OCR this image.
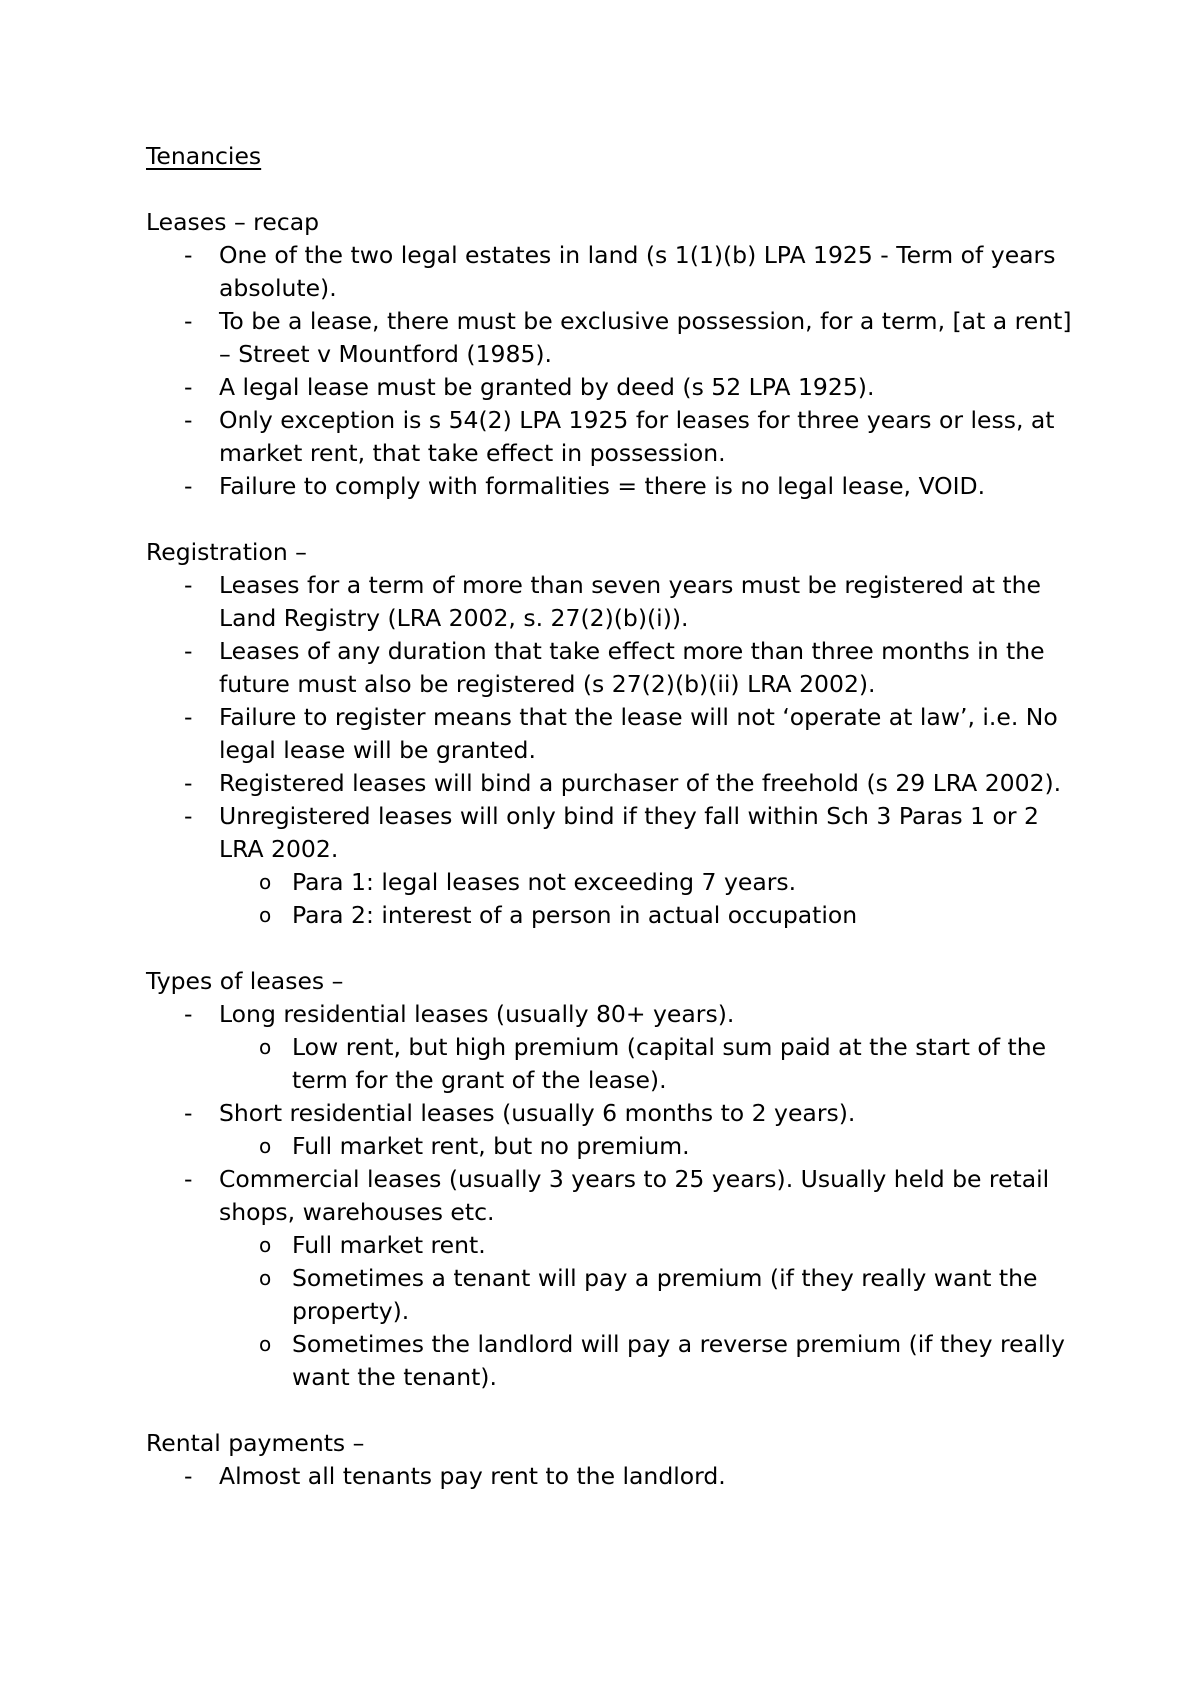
Tenancies
Leases – recap
-	One of the two legal estates in land (s 1(1)(b) LPA 1925 - Term of years absolute).
-	To be a lease, there must be exclusive possession, for a term, [at a rent] – Street v Mountford (1985).
-	A legal lease must be granted by deed (s 52 LPA 1925).
-	Only exception is s 54(2) LPA 1925 for leases for three years or less, at market rent, that take effect in possession.
-	Failure to comply with formalities = there is no legal lease, VOID.
Registration –
-	Leases for a term of more than seven years must be registered at the Land Registry (LRA 2002, s. 27(2)(b)(i)).
-	Leases of any duration that take effect more than three months in the future must also be registered (s 27(2)(b)(ii) LRA 2002).
-	Failure to register means that the lease will not ‘operate at law’, i.e. No legal lease will be granted.
-	Registered leases will bind a purchaser of the freehold (s 29 LRA 2002).
-	Unregistered leases will only bind if they fall within Sch 3 Paras 1 or 2 LRA 2002.
o Para 1: legal leases not exceeding 7 years.
o Para 2: interest of a person in actual occupation
Types of leases –
-	Long residential leases (usually 80+ years).
o Low rent, but high premium (capital sum paid at the start of the term for the grant of the lease).
-	Short residential leases (usually 6 months to 2 years).
o Full market rent, but no premium.
-	Commercial leases (usually 3 years to 25 years). Usually held be retail shops, warehouses etc.
o Full market rent.
o Sometimes a tenant will pay a premium (if they really want the property).
o Sometimes the landlord will pay a reverse premium (if they really want the tenant).
Rental payments –
-	Almost all tenants pay rent to the landlord.
